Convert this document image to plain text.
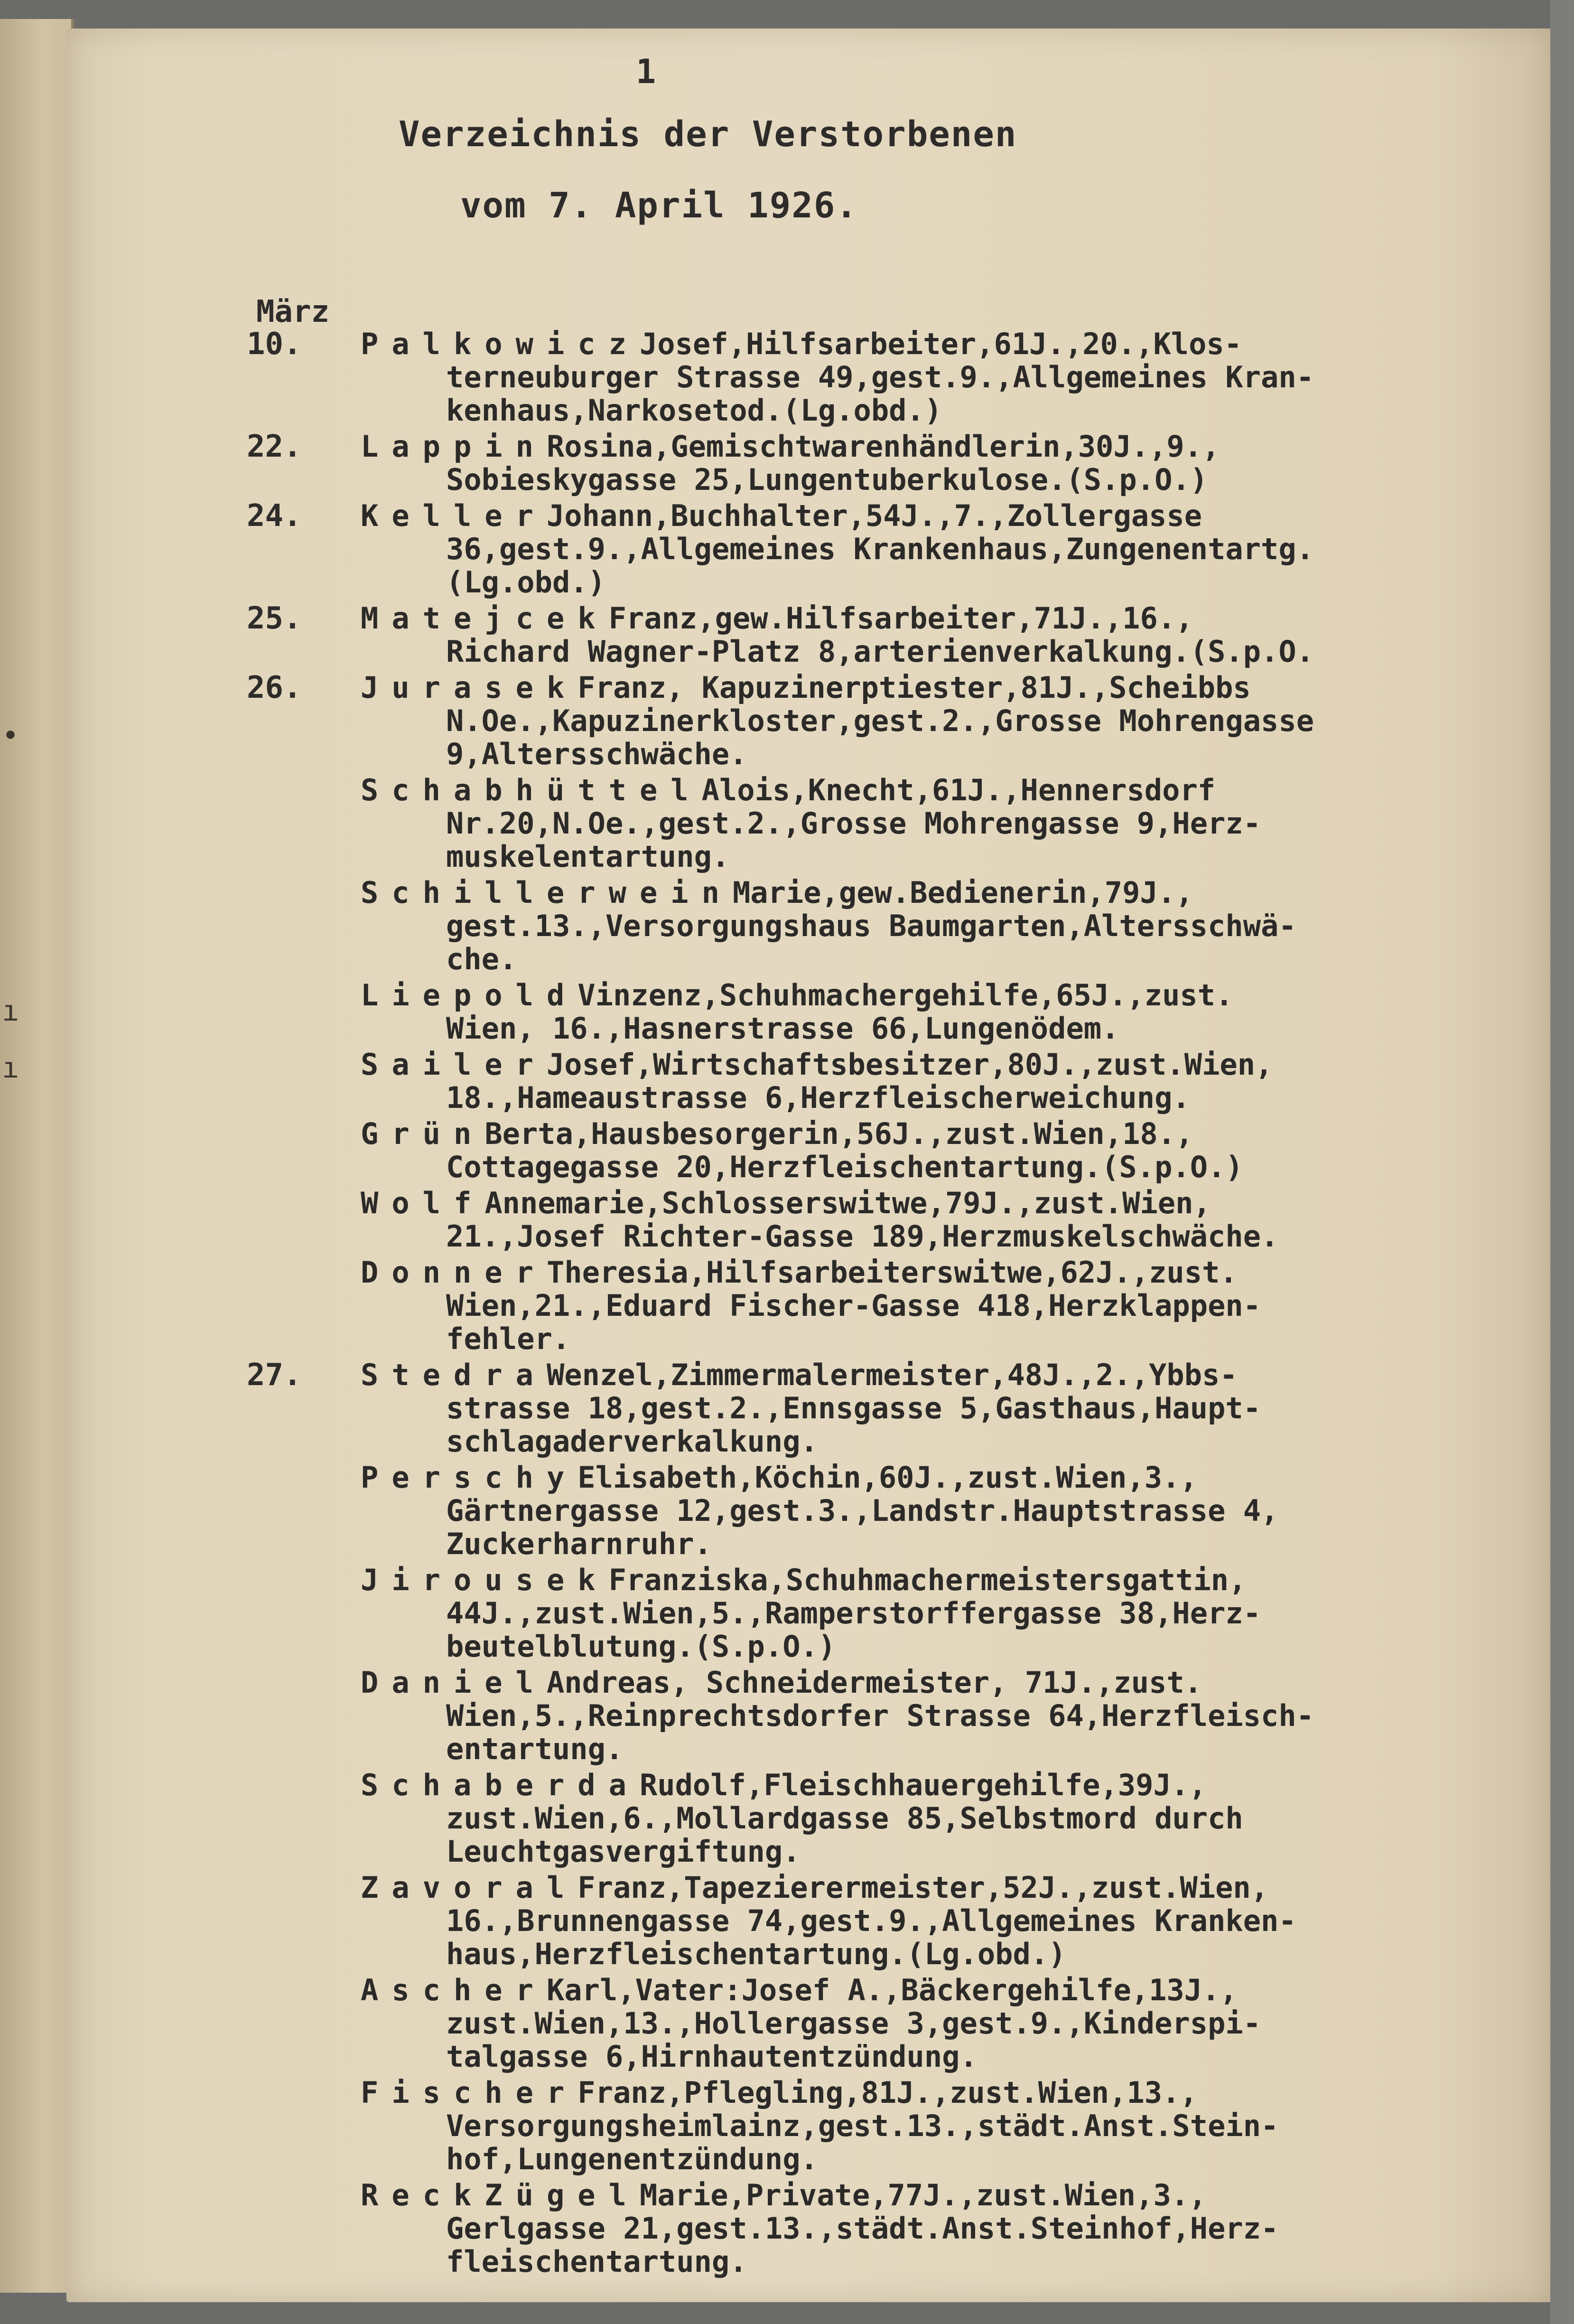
•
ı
ı
1
Verzeichnis der Verstorbenen
vom 7. April 1926.
März
10. PalkowiczJosef,Hilfsarbeiter,61J.,20.,Klos-
terneuburger Strasse 49,gest.9.,Allgemeines Kran-
kenhaus,Narkosetod.(Lg.obd.)
22. LappinRosina,Gemischtwarenhändlerin,30J.,9.,
Sobieskygasse 25,Lungentuberkulose.(S.p.O.)
24. KellerJohann,Buchhalter,54J.,7.,Zollergasse
36,gest.9.,Allgemeines Krankenhaus,Zungenentartg.
(Lg.obd.)
25. MatejcekFranz,gew.Hilfsarbeiter,71J.,16.,
Richard Wagner-Platz 8,arterienverkalkung.(S.p.O.
26. JurasekFranz, Kapuzinerptiester,81J.,Scheibbs
N.Oe.,Kapuzinerkloster,gest.2.,Grosse Mohrengasse
9,Altersschwäche.
SchabhüttelAlois,Knecht,61J.,Hennersdorf
Nr.20,N.Oe.,gest.2.,Grosse Mohrengasse 9,Herz-
muskelentartung.
SchillerweinMarie,gew.Bedienerin,79J.,
gest.13.,Versorgungshaus Baumgarten,Altersschwä-
che.
LiepoldVinzenz,Schuhmachergehilfe,65J.,zust.
Wien, 16.,Hasnerstrasse 66,Lungenödem.
SailerJosef,Wirtschaftsbesitzer,80J.,zust.Wien,
18.,Hameaustrasse 6,Herzfleischerweichung.
GrünBerta,Hausbesorgerin,56J.,zust.Wien,18.,
Cottagegasse 20,Herzfleischentartung.(S.p.O.)
WolfAnnemarie,Schlosserswitwe,79J.,zust.Wien,
21.,Josef Richter-Gasse 189,Herzmuskelschwäche.
DonnerTheresia,Hilfsarbeiterswitwe,62J.,zust.
Wien,21.,Eduard Fischer-Gasse 418,Herzklappen-
fehler.
27. StedraWenzel,Zimmermalermeister,48J.,2.,Ybbs-
strasse 18,gest.2.,Ennsgasse 5,Gasthaus,Haupt-
schlagaderverkalkung.
PerschyElisabeth,Köchin,60J.,zust.Wien,3.,
Gärtnergasse 12,gest.3.,Landstr.Hauptstrasse 4,
Zuckerharnruhr.
JirousekFranziska,Schuhmachermeistersgattin,
44J.,zust.Wien,5.,Ramperstorffergasse 38,Herz-
beutelblutung.(S.p.O.)
DanielAndreas, Schneidermeister, 71J.,zust.
Wien,5.,Reinprechtsdorfer Strasse 64,Herzfleisch-
entartung.
SchaberdaRudolf,Fleischhauergehilfe,39J.,
zust.Wien,6.,Mollardgasse 85,Selbstmord durch
Leuchtgasvergiftung.
ZavoralFranz,Tapezierermeister,52J.,zust.Wien,
16.,Brunnengasse 74,gest.9.,Allgemeines Kranken-
haus,Herzfleischentartung.(Lg.obd.)
AscherKarl,Vater:Josef A.,Bäckergehilfe,13J.,
zust.Wien,13.,Hollergasse 3,gest.9.,Kinderspi-
talgasse 6,Hirnhautentzündung.
FischerFranz,Pflegling,81J.,zust.Wien,13.,
Versorgungsheimlainz,gest.13.,städt.Anst.Stein-
hof,Lungenentzündung.
ReckZügelMarie,Private,77J.,zust.Wien,3.,
Gerlgasse 21,gest.13.,städt.Anst.Steinhof,Herz-
fleischentartung.
